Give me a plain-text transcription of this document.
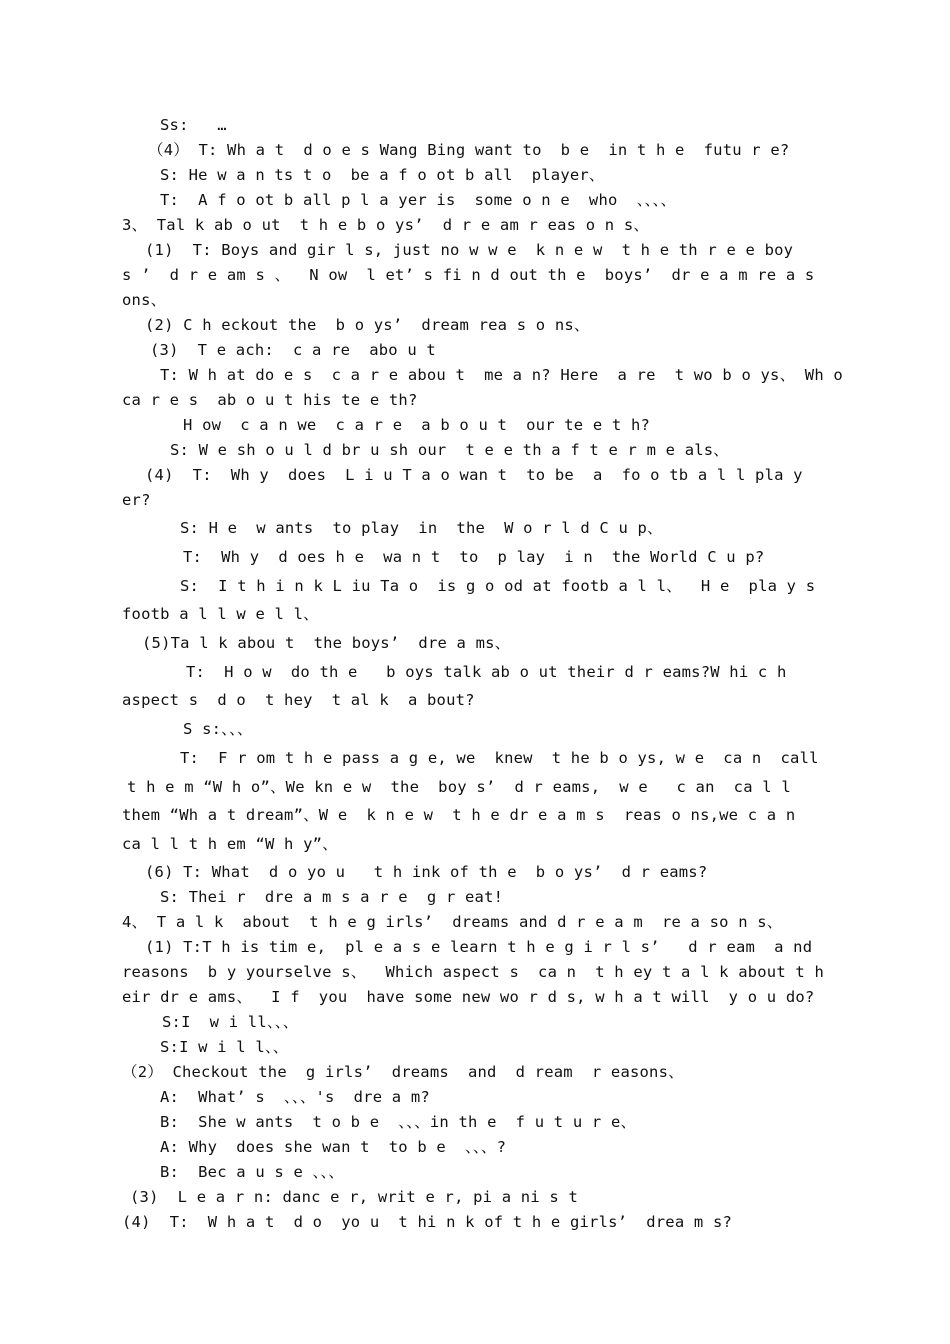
Ss:   …
（4） T: Wh a t  d o e s Wang Bing want to  b e  in t h e  futu r e?
S: He w a n ts t o  be a f o ot b all  player、
T:  A f o ot b all p l a yer is  some o n e  who  、、、、
3、 Tal k ab o ut  t h e b o ys’  d r e am r eas o n s、
(1)  T: Boys and gir l s, just no w w e  k n e w  t h e th r e e boy
s ’  d r e am s 、  N ow  l et’ s fi n d out th e  boys’  dr e a m re a s
ons、
(2) C h eckout the  b o ys’  dream rea s o ns、
(3)  T e ach:  c a re  abo u t
T: W h at do e s  c a r e abou t  me a n? Here  a re  t wo b o ys、 Wh o
ca r e s  ab o u t his te e th?
H ow  c a n we  c a r e  a b o u t  our te e t h?
S: W e sh o u l d br u sh our  t e e th a f t e r m e als、
(4)  T:  Wh y  does  L i u T a o wan t  to be  a  fo o tb a l l pla y
er?
S: H e  w ants  to play  in  the  W o r l d C u p、
T:  Wh y  d oes h e  wa n t  to  p lay  i n  the World C u p?
S:  I t h i n k L iu Ta o  is g o od at footb a l l、  H e  pla y s
footb a l l w e l l、
(5)Ta l k abou t  the boys’  dre a ms、
T:  H o w  do th e   b oys talk ab o ut their d r eams?W hi c h
aspect s  d o  t hey  t al k  a bout?
S s:、、、
T:  F r om t h e pass a g e, we  knew  t he b o ys, w e  ca n  call
t h e m “W h o”、We kn e w  the  boy s’  d r eams,  w e   c an  ca l l
them “Wh a t dream”、W e  k n e w  t h e dr e a m s  reas o ns,we c a n
ca l l t h em “W h y”、
(6) T: What  d o yo u   t h ink of th e  b o ys’  d r eams?
S: Thei r  dre a m s a r e  g r eat!
4、 T a l k  about  t h e g irls’  dreams and d r e a m  re a so n s、
(1) T:T h is tim e,  pl e a s e learn t h e g i r l s’   d r eam  a nd
reasons  b y yourselve s、  Which aspect s  ca n  t h ey t a l k about t h
eir dr e ams、  I f  you  have some new wo r d s, w h a t will  y o u do?
S:I  w i ll、、、
S:I w i l l、、
（2） Checkout the  g irls’  dreams  and  d ream  r easons、
A:  What’ s  、、、's  dre a m?
B:  She w ants  t o b e  、、、in th e  f u t u r e、
A: Why  does she wan t  to b e  、、、?
B:  Bec a u s e 、、、
(3)  L e a r n: danc e r, writ e r, pi a ni s t
(4)  T:  W h a t  d o  yo u  t hi n k of t h e girls’  drea m s?
